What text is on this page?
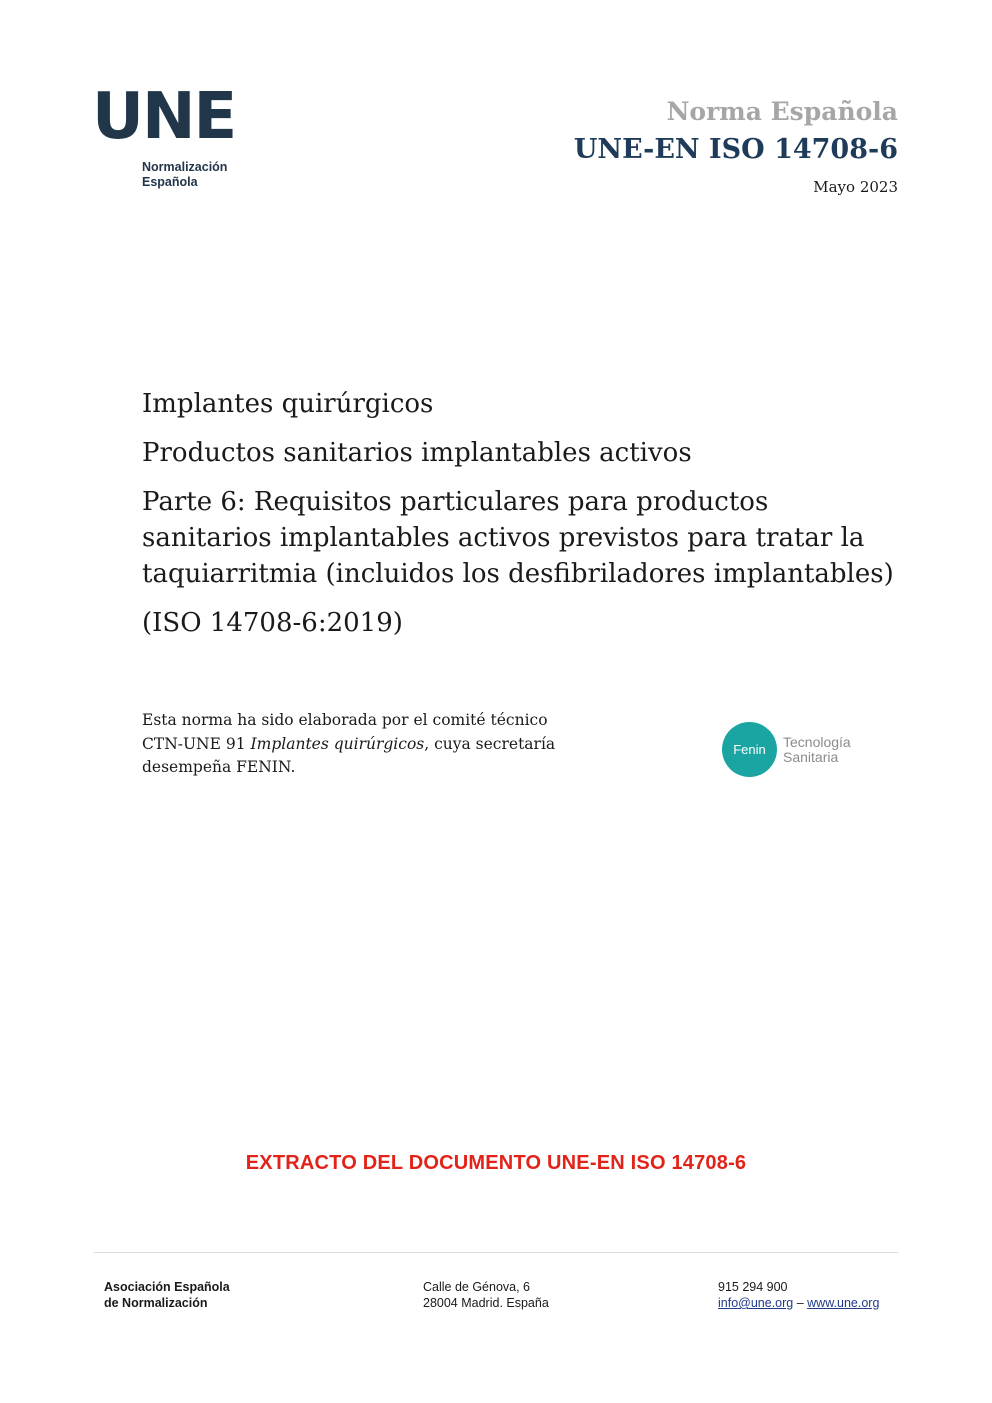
UNE
Normalización
Española
Norma Española
UNE-EN ISO 14708-6
Mayo 2023

Implantes quirúrgicos

Productos sanitarios implantables activos

Parte 6: Requisitos particulares para productos sanitarios implantables activos previstos para tratar la taquiarritmia (incluidos los desfibriladores implantables)

(ISO 14708-6:2019)

Esta norma ha sido elaborada por el comité técnico
CTN-UNE 91 Implantes quirúrgicos, cuya secretaría
desempeña FENIN.
Fenin	Tecnología
Sanitaria
EXTRACTO DEL DOCUMENTO UNE-EN ISO 14708-6
Asociación Española
de Normalización
Calle de Génova, 6
28004 Madrid. España
915 294 900
info@une.org – www.une.org
